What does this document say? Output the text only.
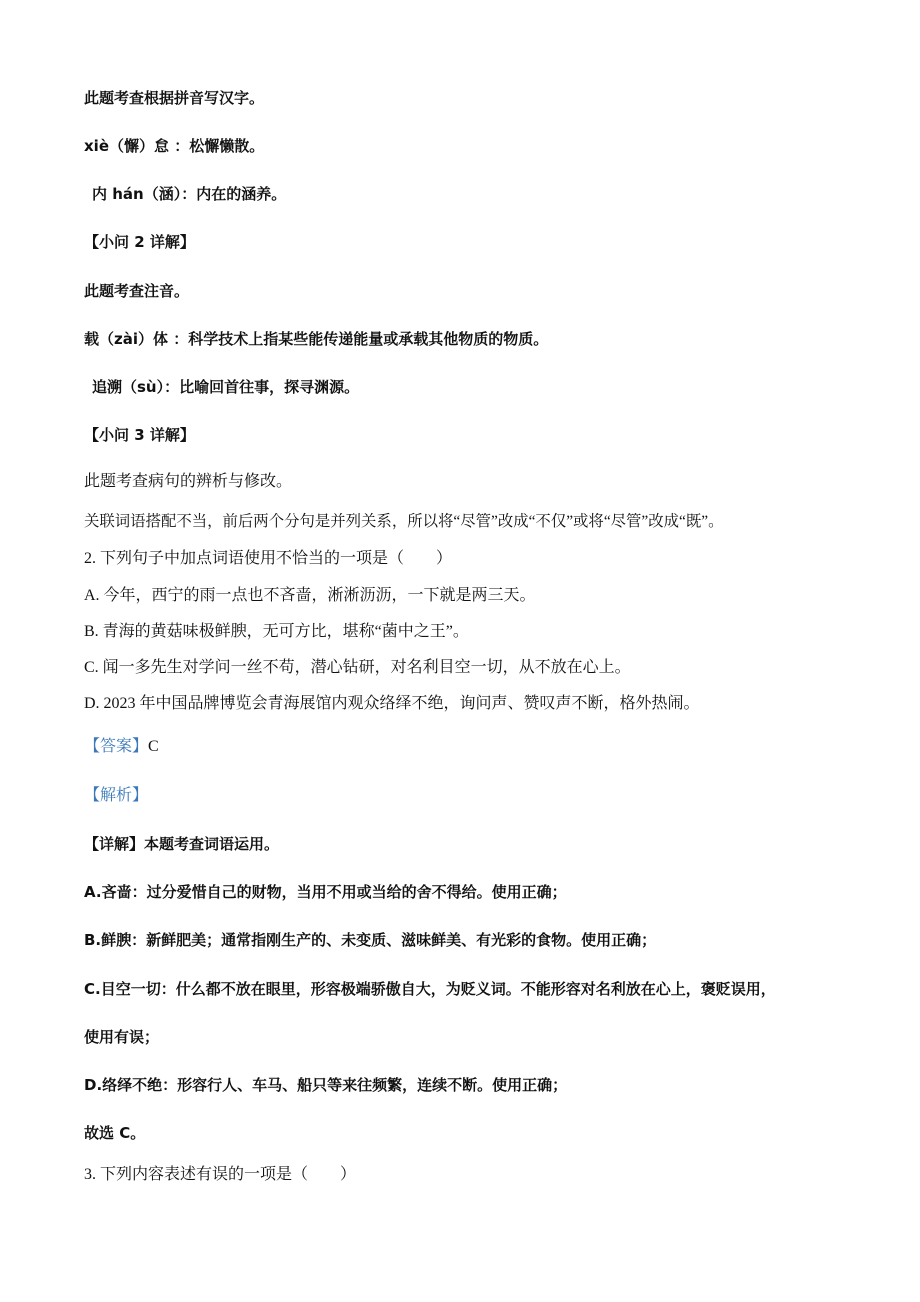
此题考查根据拼音写汉字。
xiè（懈）怠 ：松懈懒散。
内 hán（涵）：内在的涵养。
【小问 2 详解】
此题考查注音。
载（zài）体 ：科学技术上指某些能传递能量或承载其他物质的物质。
追溯（sù）：比喻回首往事，探寻渊源。
【小问 3 详解】
此题考查病句的辨析与修改。
关联词语搭配不当，前后两个分句是并列关系，所以将“尽管”改成“不仅”或将“尽管”改成“既”。
2. 下列句子中加点词语使用不恰当的一项是（　　）
A. 今年，西宁的雨一点也不吝啬，淅淅沥沥，一下就是两三天。
B. 青海的黄菇味极鲜腴，无可方比，堪称“菌中之王”。
C. 闻一多先生对学问一丝不苟，潜心钻研，对名利目空一切，从不放在心上。
D. 2023 年中国品牌博览会青海展馆内观众络绎不绝，询问声、赞叹声不断，格外热闹。
【答案】C
【解析】
【详解】本题考查词语运用。
A.吝啬：过分爱惜自己的财物，当用不用或当给的舍不得给。使用正确；
B.鲜腴：新鲜肥美；通常指刚生产的、未变质、滋味鲜美、有光彩的食物。使用正确；
C.目空一切：什么都不放在眼里，形容极端骄傲自大，为贬义词。不能形容对名利放在心上，褒贬误用，
使用有误；
D.络绎不绝：形容行人、车马、船只等来往频繁，连续不断。使用正确；
故选 C。
3. 下列内容表述有误的一项是（　　）
